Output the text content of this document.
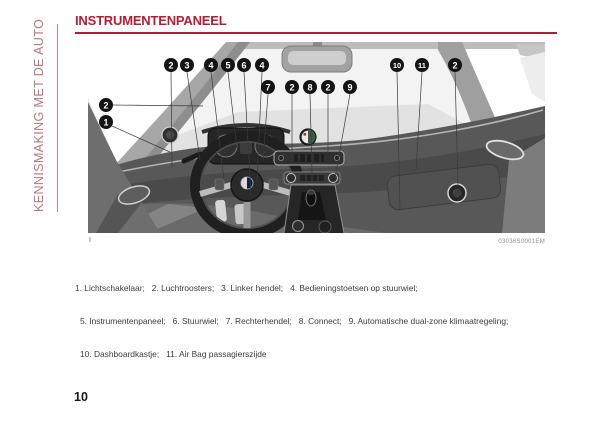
KENNISMAKING MET DE AUTO	INSTRUMENTENPANEEL
2 3 4 5 6 4
7 2 8 2 9
10 11	2
2
1
I	03036S0001EM

1. Lichtschakelaar;   2. Luchtroosters;   3. Linker hendel;   4. Bedieningstoetsen op stuurwiel;

5. Instrumentenpaneel;   6. Stuurwiel;   7. Rechterhendel;   8. Connect;   9. Automatische dual-zone klimaatregeling;

10. Dashboardkastje;   11. Air Bag passagierszijde

10
